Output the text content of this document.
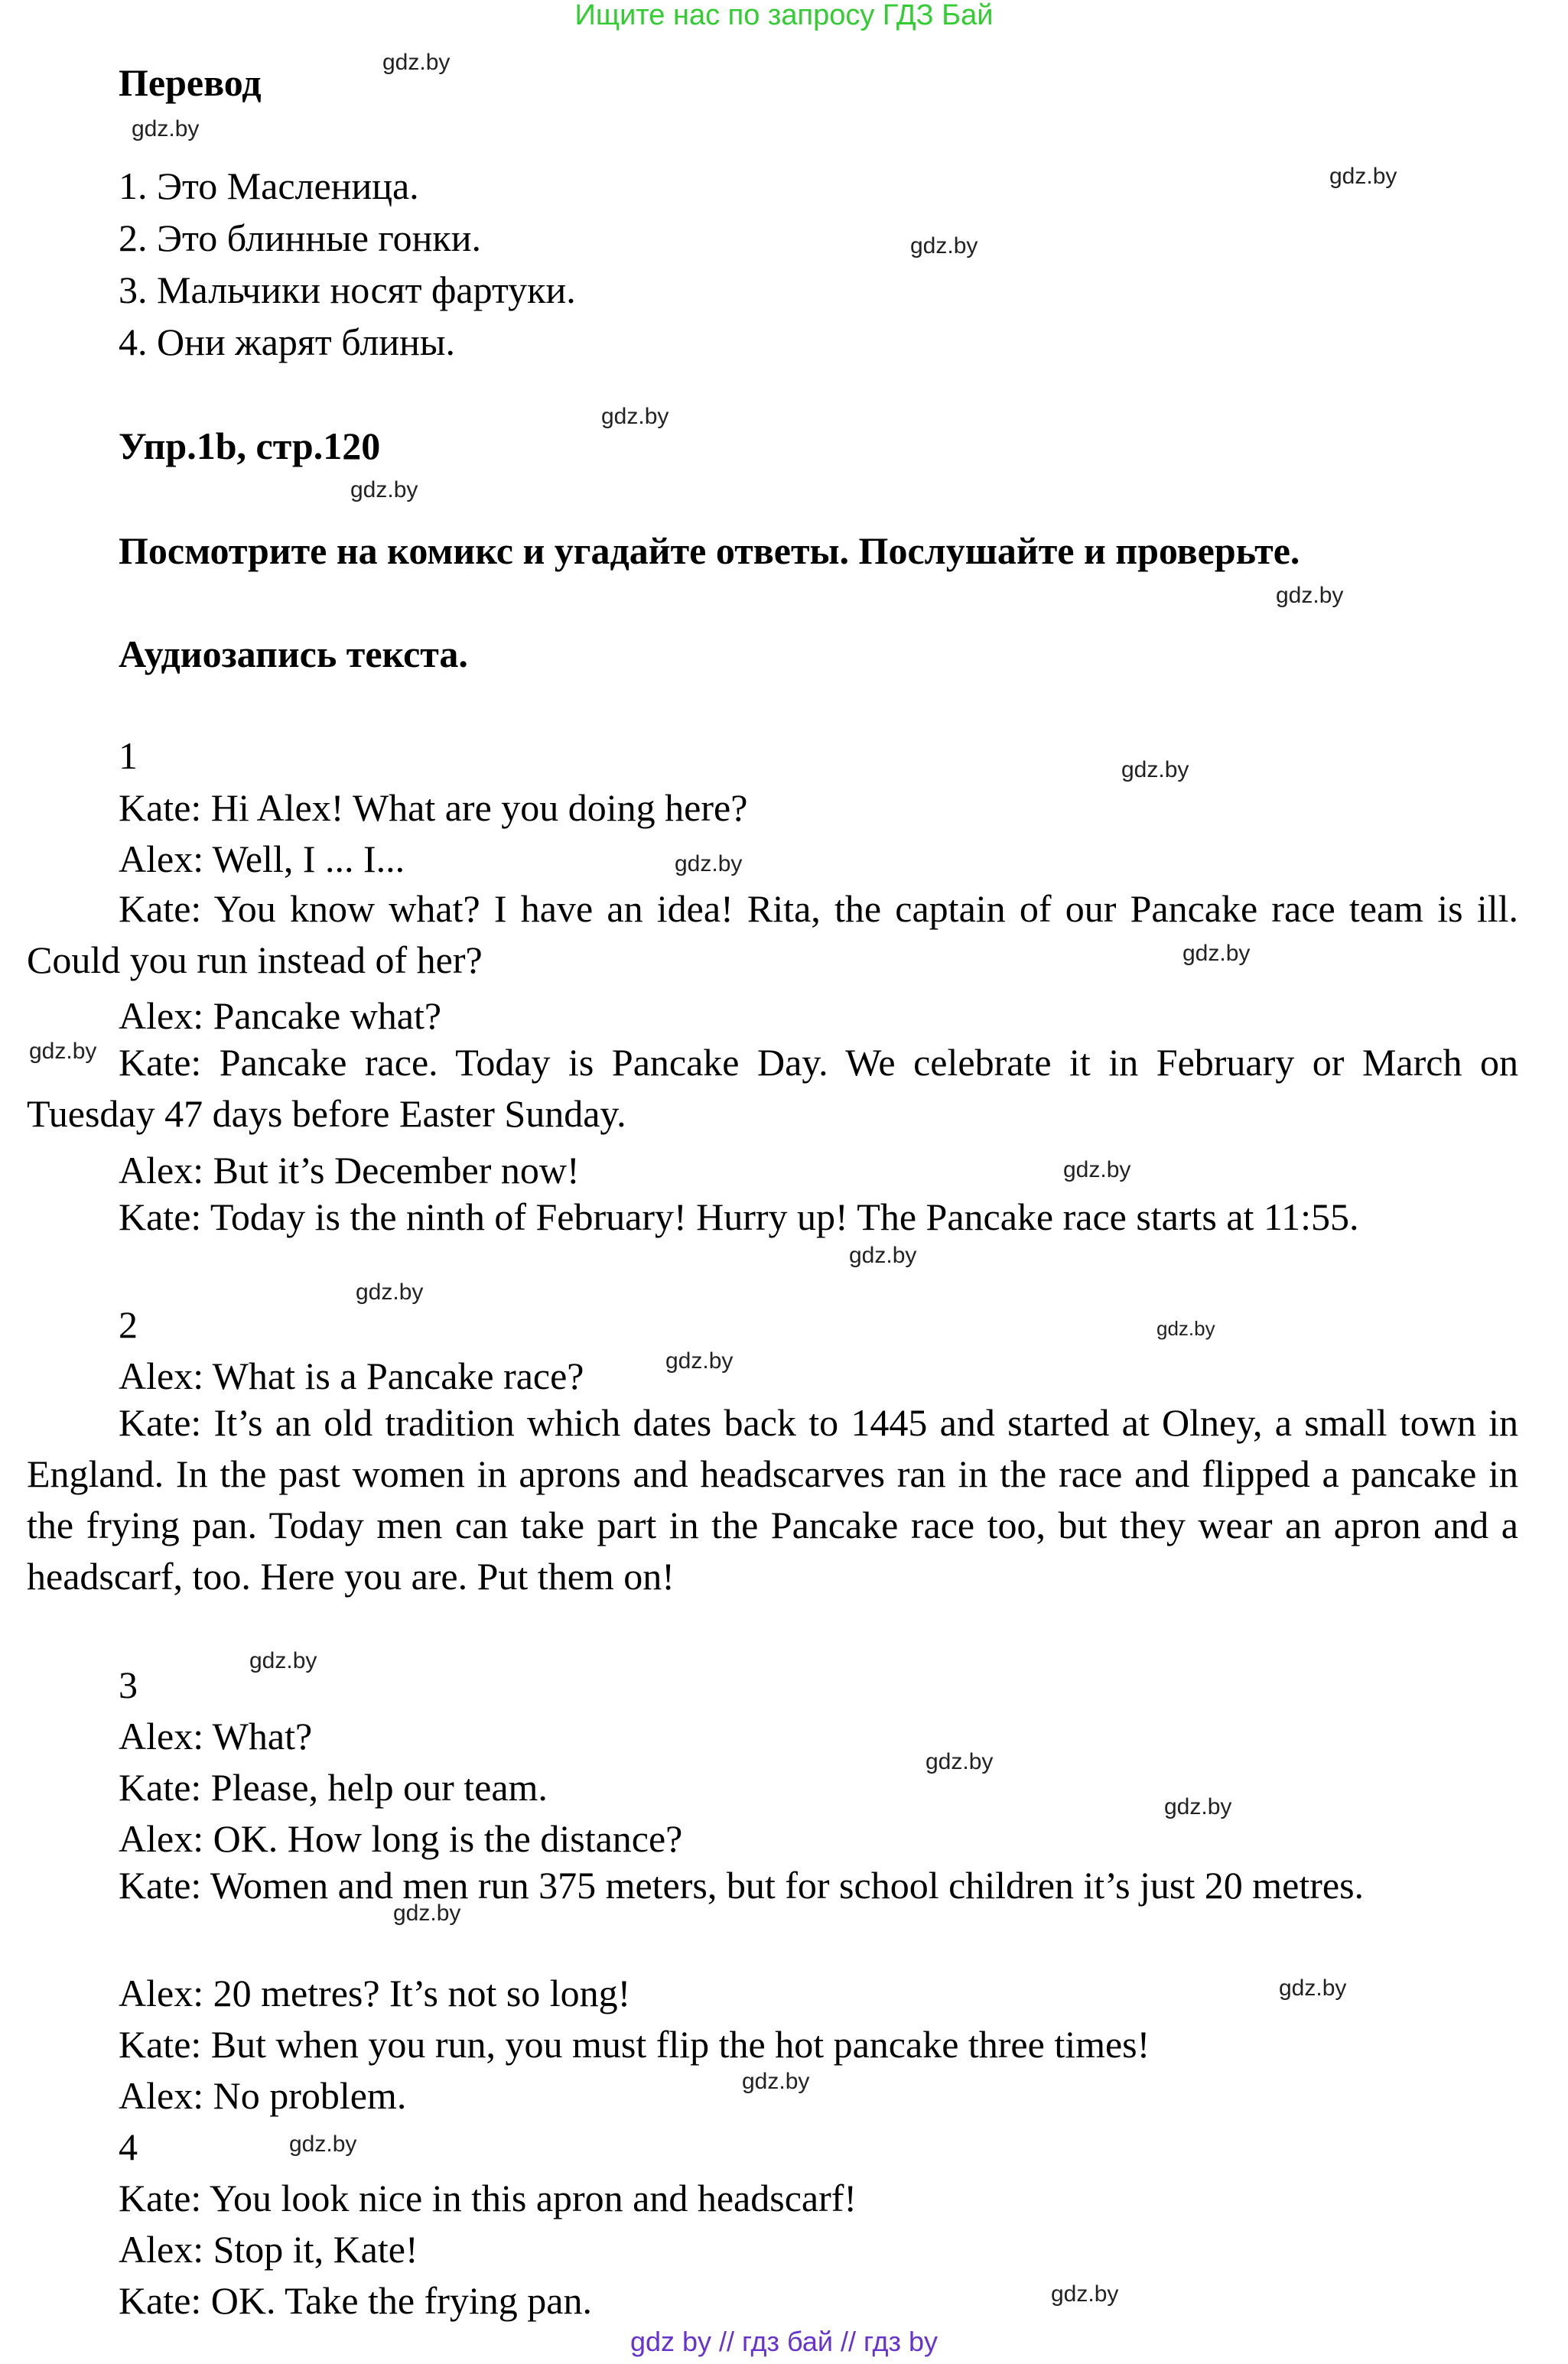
Ищите нас по запросу ГДЗ Бай
Перевод
1. Это Масленица.
2. Это блинные гонки.
3. Мальчики носят фартуки.
4. Они жарят блины.
Упр.1b, стр.120
Посмотрите на комикс и угадайте ответы. Послушайте и проверьте.
Аудиозапись текста.
1
Kate: Hi Alex! What are you doing here?
Alex: Well, I ... I...
Kate: You know what? I have an idea! Rita, the captain of our Pancake race team is ill. Could you run instead of her?
Alex: Pancake what?
Kate: Pancake race. Today is Pancake Day. We celebrate it in February or March on Tuesday 47 days before Easter Sunday.
Alex: But it’s December now!
Kate: Today is the ninth of February! Hurry up! The Pancake race starts at 11:55.
2
Alex: What is a Pancake race?
Kate: It’s an old tradition which dates back to 1445 and started at Olney, a small town in England. In the past women in aprons and headscarves ran in the race and flipped a pancake in the frying pan. Today men can take part in the Pancake race too, but they wear an apron and a headscarf, too. Here you are. Put them on!
3
Alex: What?
Kate: Please, help our team.
Alex: OK. How long is the distance?
Kate: Women and men run 375 meters, but for school children it’s just 20 metres.
Alex: 20 metres? It’s not so long!
Kate: But when you run, you must flip the hot pancake three times!
Alex: No problem.
4
Kate: You look nice in this apron and headscarf!
Alex: Stop it, Kate!
Kate: OK. Take the frying pan.
gdz.by
gdz.by
gdz.by
gdz.by
gdz.by
gdz.by
gdz.by
gdz.by
gdz.by
gdz.by
gdz.by
gdz.by
gdz.by
gdz.by
gdz.by
gdz.by
gdz.by
gdz.by
gdz.by
gdz.by
gdz.by
gdz.by
gdz.by
gdz.by
gdz by // гдз бай // гдз by
